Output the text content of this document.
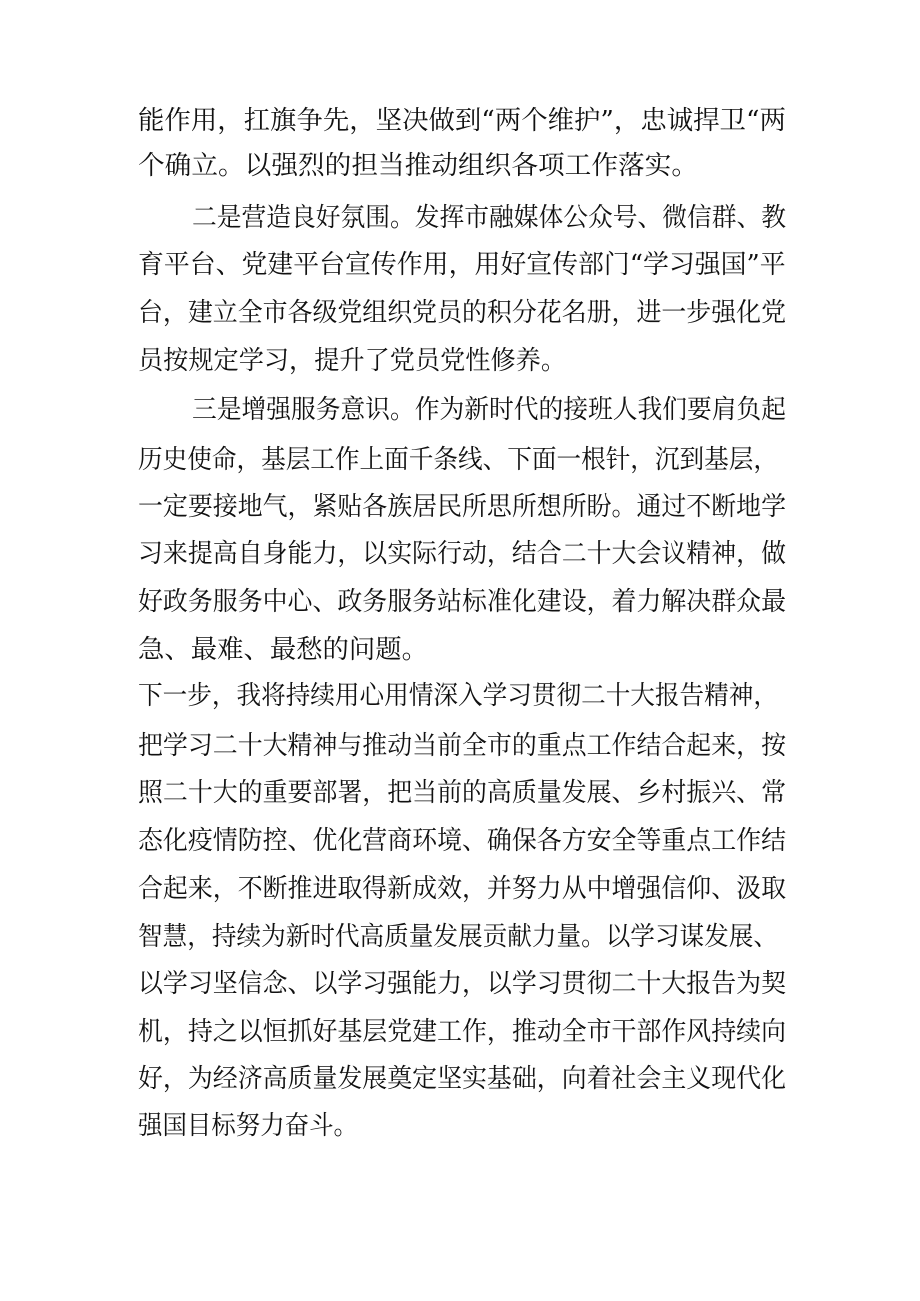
能作用，扛旗争先，坚决做到“两个维护”，忠诚捍卫“两
个确立。以强烈的担当推动组织各项工作落实。
二是营造良好氛围。发挥市融媒体公众号、微信群、教
育平台、党建平台宣传作用，用好宣传部门“学习强国”平
台，建立全市各级党组织党员的积分花名册，进一步强化党
员按规定学习，提升了党员党性修养。
三是增强服务意识。作为新时代的接班人我们要肩负起
历史使命，基层工作上面千条线、下面一根针，沉到基层，
一定要接地气，紧贴各族居民所思所想所盼。通过不断地学
习来提高自身能力，以实际行动，结合二十大会议精神，做
好政务服务中心、政务服务站标准化建设，着力解决群众最
急、最难、最愁的问题。
下一步，我将持续用心用情深入学习贯彻二十大报告精神，
把学习二十大精神与推动当前全市的重点工作结合起来，按
照二十大的重要部署，把当前的高质量发展、乡村振兴、常
态化疫情防控、优化营商环境、确保各方安全等重点工作结
合起来，不断推进取得新成效，并努力从中增强信仰、汲取
智慧，持续为新时代高质量发展贡献力量。以学习谋发展、
以学习坚信念、以学习强能力，以学习贯彻二十大报告为契
机，持之以恒抓好基层党建工作，推动全市干部作风持续向
好，为经济高质量发展奠定坚实基础，向着社会主义现代化
强国目标努力奋斗。
